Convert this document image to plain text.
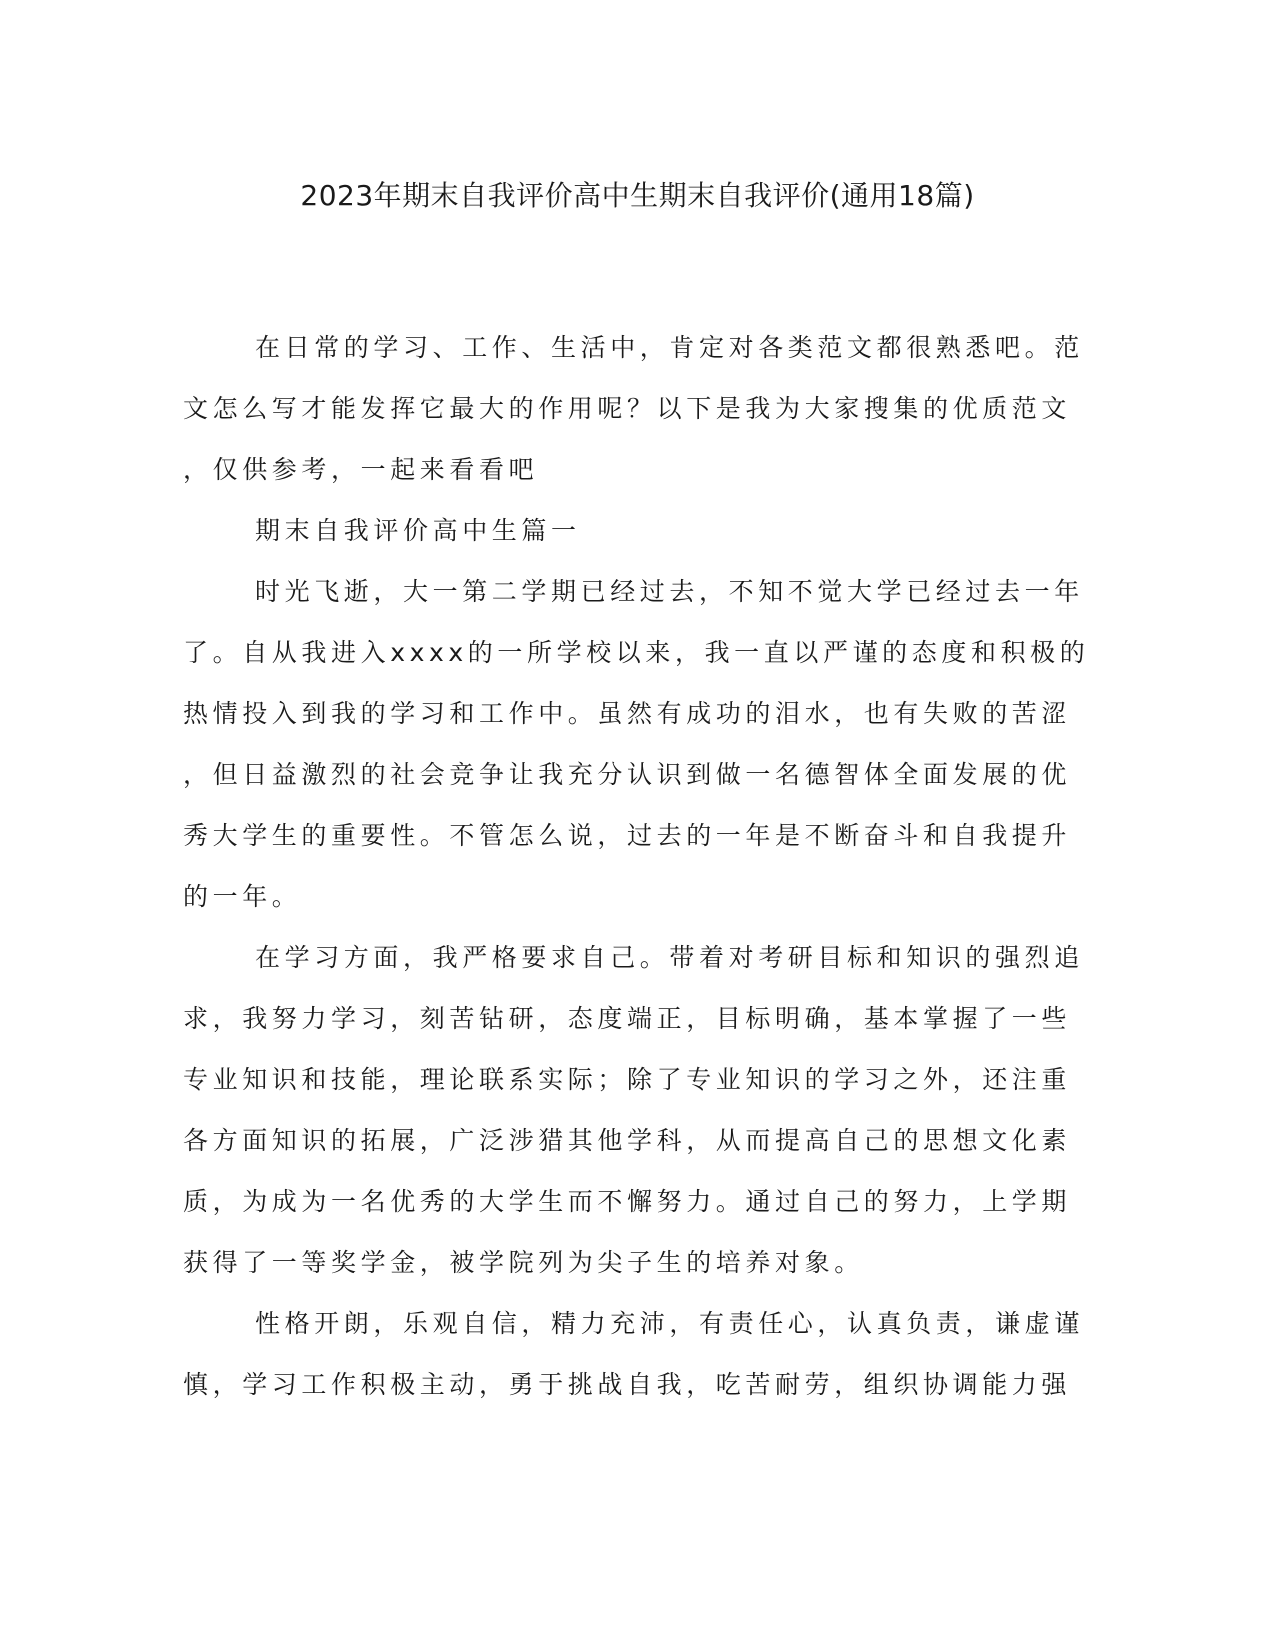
2023年期末自我评价高中生期末自我评价(通用18篇)

在日常的学习、工作、生活中，肯定对各类范文都很熟悉吧。范
文怎么写才能发挥它最大的作用呢？以下是我为大家搜集的优质范文
，仅供参考，一起来看看吧

期末自我评价高中生篇一

时光飞逝，大一第二学期已经过去，不知不觉大学已经过去一年
了。自从我进入xxxx的一所学校以来，我一直以严谨的态度和积极的
热情投入到我的学习和工作中。虽然有成功的泪水，也有失败的苦涩
，但日益激烈的社会竞争让我充分认识到做一名德智体全面发展的优
秀大学生的重要性。不管怎么说，过去的一年是不断奋斗和自我提升
的一年。

在学习方面，我严格要求自己。带着对考研目标和知识的强烈追
求，我努力学习，刻苦钻研，态度端正，目标明确，基本掌握了一些
专业知识和技能，理论联系实际；除了专业知识的学习之外，还注重
各方面知识的拓展，广泛涉猎其他学科，从而提高自己的思想文化素
质，为成为一名优秀的大学生而不懈努力。通过自己的努力，上学期
获得了一等奖学金，被学院列为尖子生的培养对象。

性格开朗，乐观自信，精力充沛，有责任心，认真负责，谦虚谨
慎，学习工作积极主动，勇于挑战自我，吃苦耐劳，组织协调能力强
